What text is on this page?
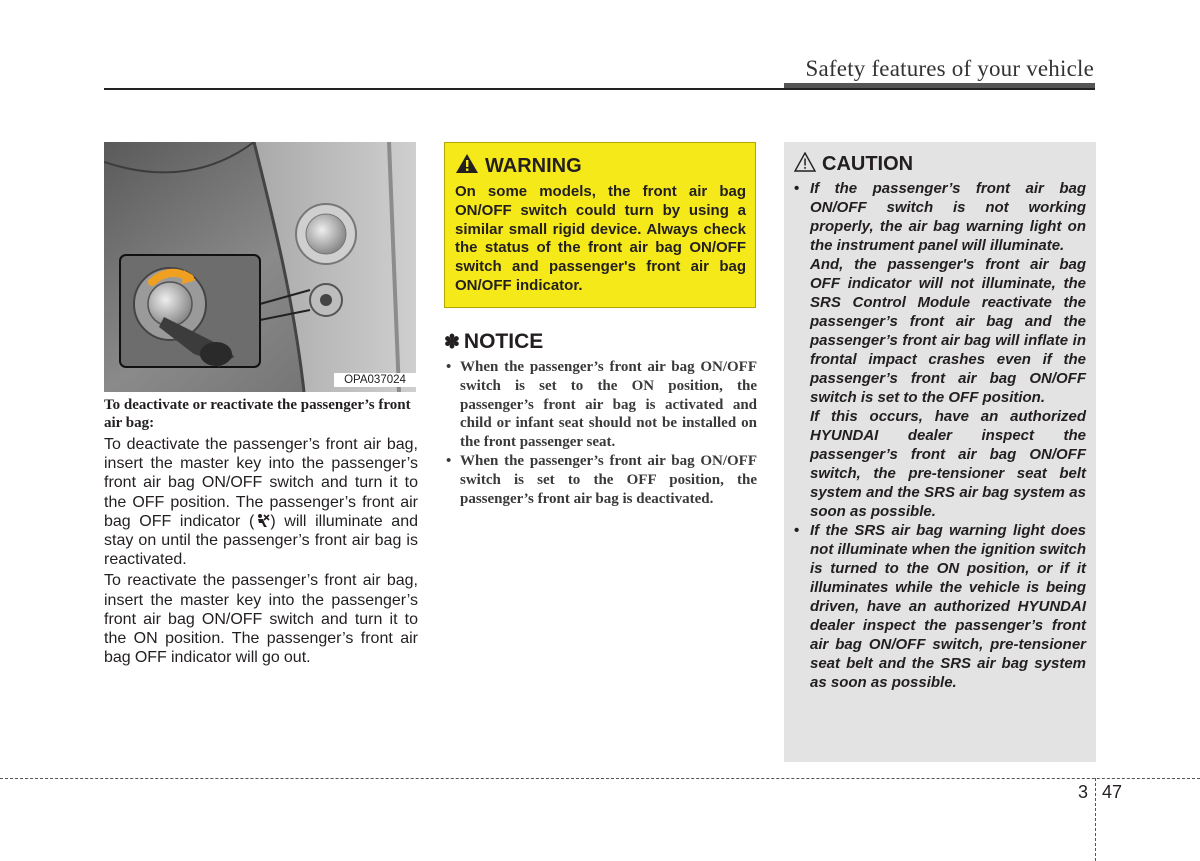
Safety features of your vehicle
OPA037024

To deactivate or reactivate the passenger’s front air bag:

To deactivate the passenger’s front air bag, insert the master key into the passenger’s front air bag ON/OFF switch and turn it to the OFF position. The passenger’s front air bag OFF indicator ( ) will illuminate and stay on until the passenger’s front air bag is reactivated.

To reactivate the passenger’s front air bag, insert the master key into the passenger’s front air bag ON/OFF switch and turn it to the ON position. The passenger’s front air bag OFF indicator will go out.

WARNING

On some models, the front air bag ON/OFF switch could turn by using a similar small rigid device. Always check the status of the front air bag ON/OFF switch and passenger's front air bag ON/OFF indicator.

✽ NOTICE
• When the passenger’s front air bag ON/OFF switch is set to the ON position, the passenger’s front air bag is activated and child or infant seat should not be installed on the front passenger seat.
• When the passenger’s front air bag ON/OFF switch is set to the OFF position, the passenger’s front air bag is deactivated.
CAUTION

• If the passenger’s front air bag ON/OFF switch is not working properly, the air bag warning light on the instrument panel will illuminate.

And, the passenger's front air bag OFF indicator will not illuminate, the SRS Control Module reactivate the passenger’s front air bag and the passenger’s front air bag will inflate in frontal impact crashes even if the passenger’s front air bag ON/OFF switch is set to the OFF position.

If this occurs, have an authorized HYUNDAI dealer inspect the passenger’s front air bag ON/OFF switch, the pre-tensioner seat belt system and the SRS air bag system as soon as possible.

• If the SRS air bag warning light does not illuminate when the ignition switch is turned to the ON position, or if it illuminates while the vehicle is being driven, have an authorized HYUNDAI dealer inspect the passenger’s front air bag ON/OFF switch, pre-tensioner seat belt and the SRS air bag system as soon as possible.

3 47
